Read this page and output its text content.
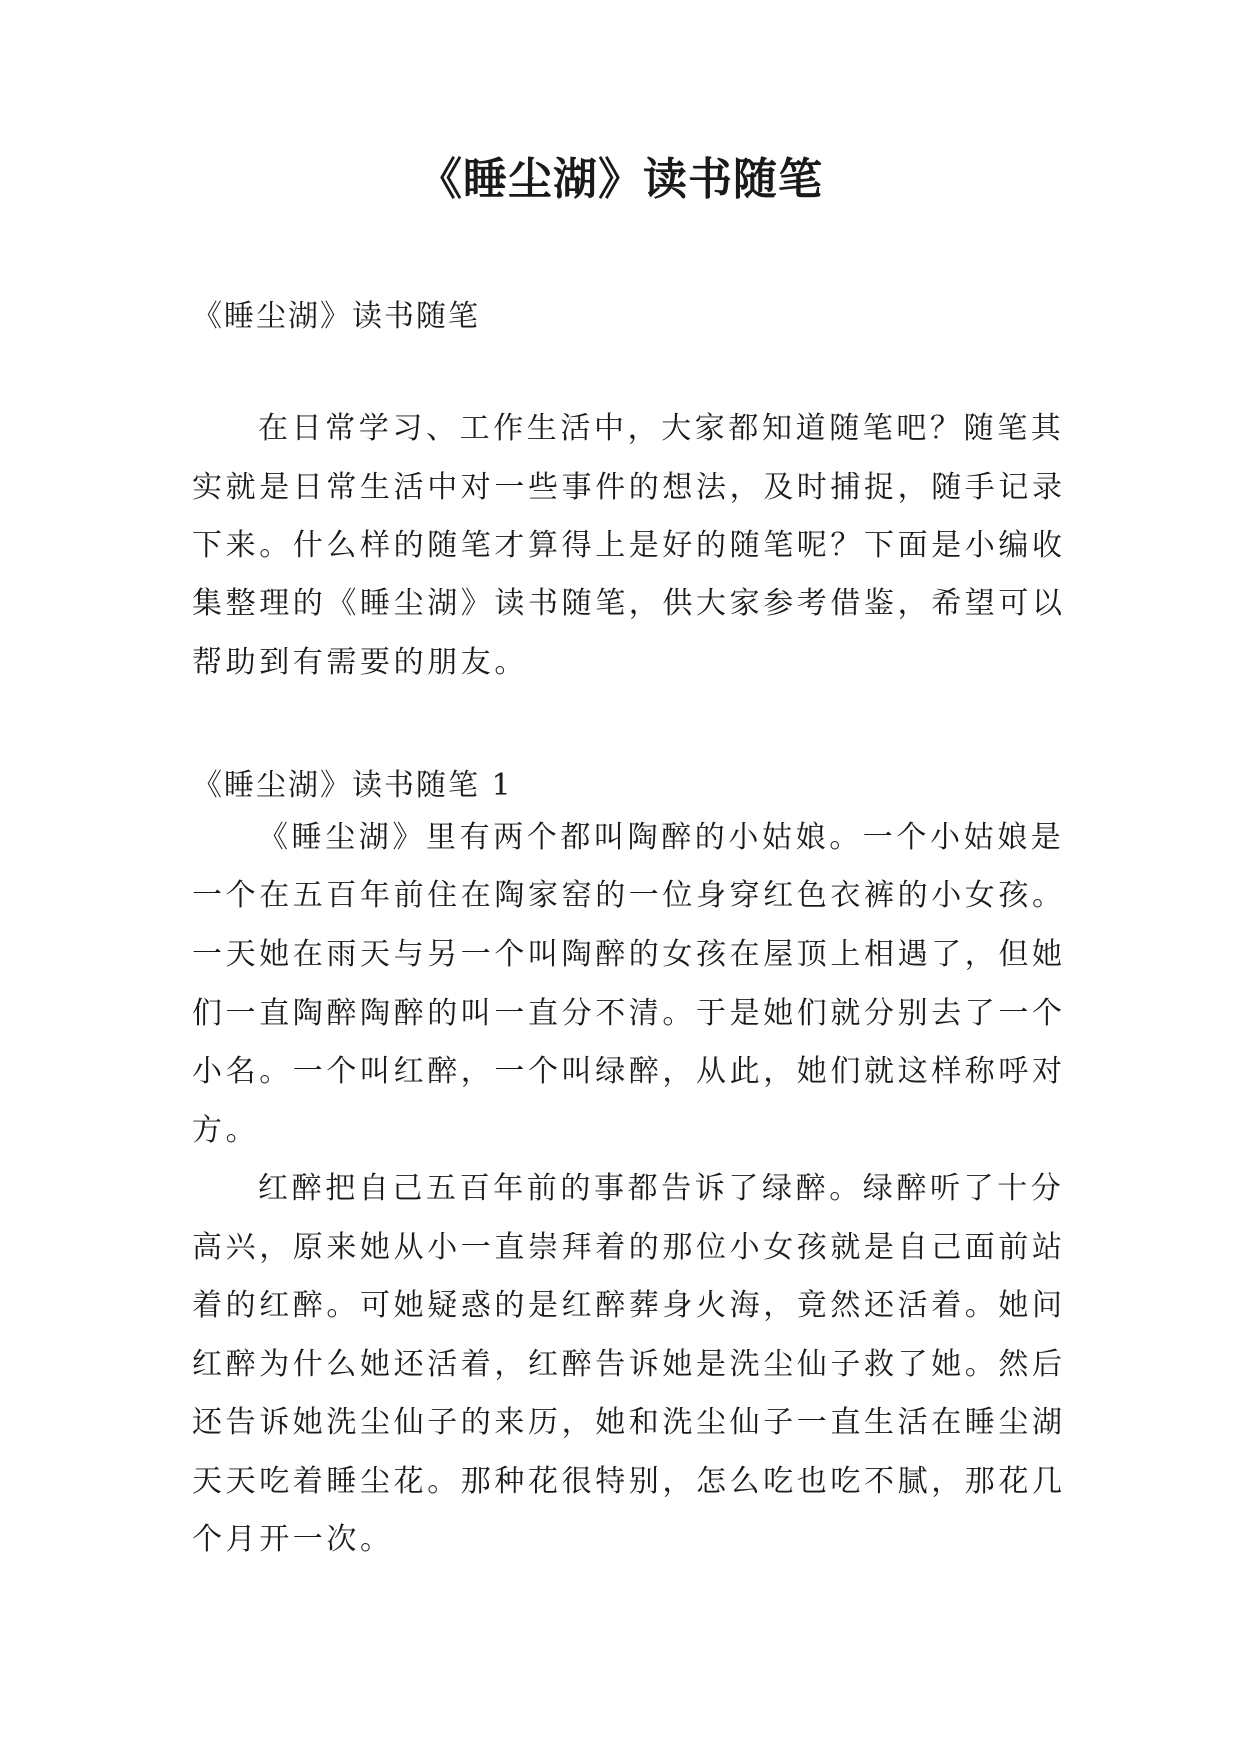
《睡尘湖》读书随笔
《睡尘湖》读书随笔
在日常学习、工作生活中，大家都知道随笔吧？随笔其
实就是日常生活中对一些事件的想法，及时捕捉，随手记录
下来。什么样的随笔才算得上是好的随笔呢？下面是小编收
集整理的《睡尘湖》读书随笔，供大家参考借鉴，希望可以
帮助到有需要的朋友。
《睡尘湖》读书随笔 1
《睡尘湖》里有两个都叫陶醉的小姑娘。一个小姑娘是
一个在五百年前住在陶家窑的一位身穿红色衣裤的小女孩。
一天她在雨天与另一个叫陶醉的女孩在屋顶上相遇了，但她
们一直陶醉陶醉的叫一直分不清。于是她们就分别去了一个
小名。一个叫红醉，一个叫绿醉，从此，她们就这样称呼对
方。
红醉把自己五百年前的事都告诉了绿醉。绿醉听了十分
高兴，原来她从小一直崇拜着的那位小女孩就是自己面前站
着的红醉。可她疑惑的是红醉葬身火海，竟然还活着。她问
红醉为什么她还活着，红醉告诉她是洗尘仙子救了她。然后
还告诉她洗尘仙子的来历，她和洗尘仙子一直生活在睡尘湖
天天吃着睡尘花。那种花很特别，怎么吃也吃不腻，那花几
个月开一次。
